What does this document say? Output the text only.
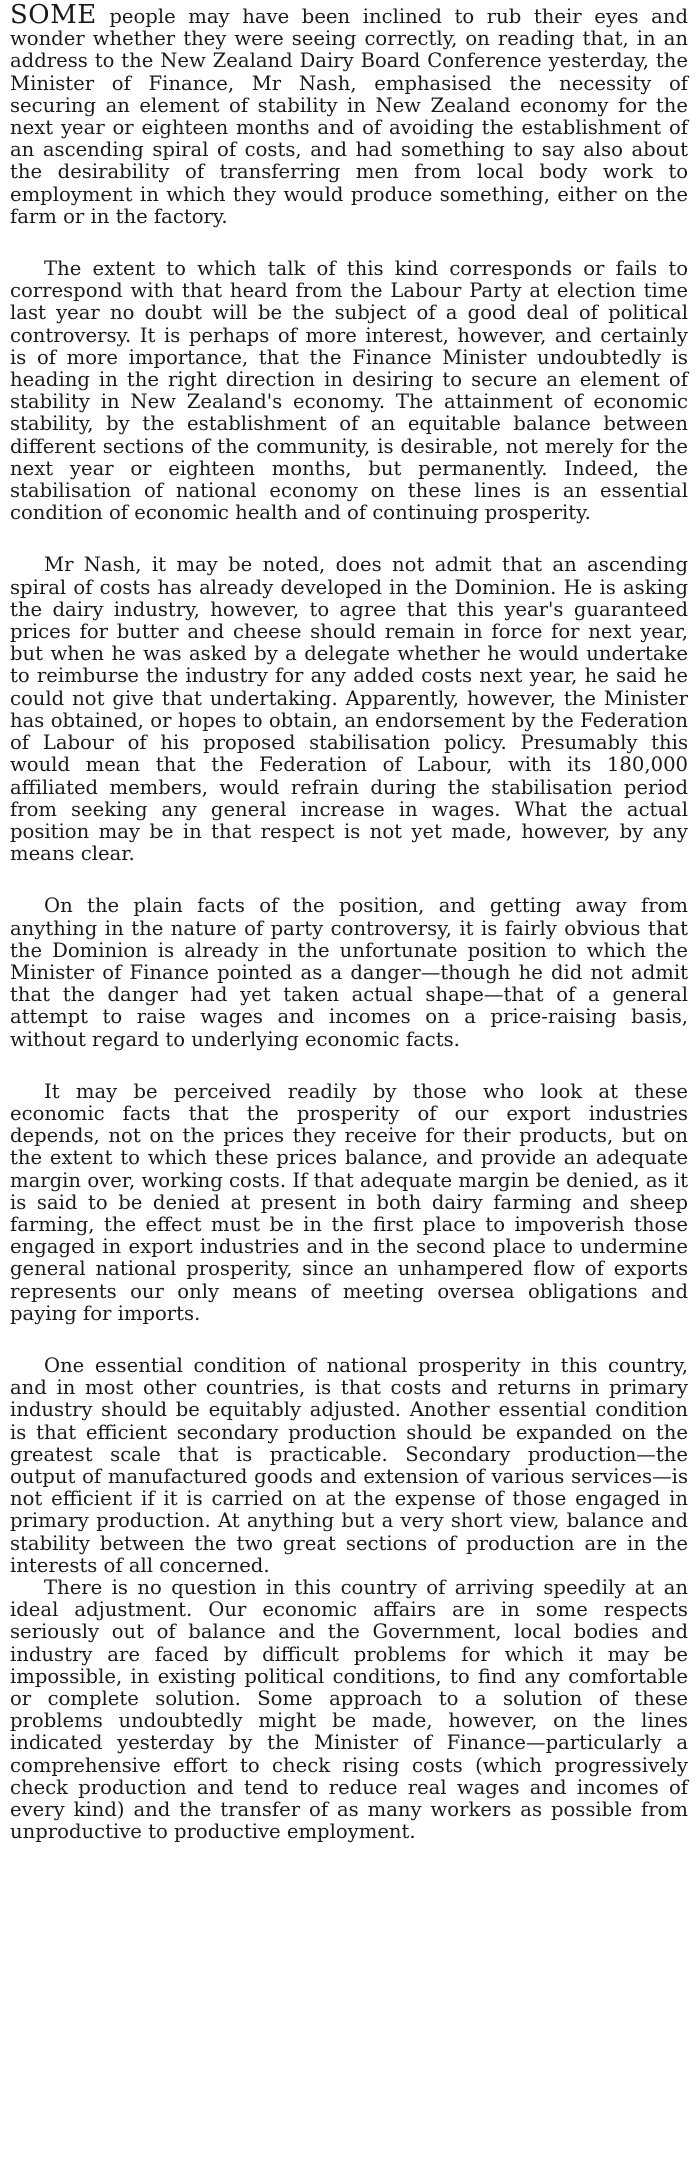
SOME people may have been inclined to rub their eyes and wonder whether they were seeing correctly, on reading that, in an address to the New Zealand Dairy Board Conference yesterday, the Minister of Finance, Mr Nash, emphasised the necessity of securing an element of stability in New Zealand economy for the next year or eighteen months and of avoiding the establishment of an ascending spiral of costs, and had something to say also about the desirability of transferring men from local body work to employment in which they would produce something, either on the farm or in the factory.

The extent to which talk of this kind corresponds or fails to correspond with that heard from the Labour Party at election time last year no doubt will be the subject of a good deal of political controversy. It is perhaps of more interest, however, and certainly is of more importance, that the Finance Minister undoubtedly is heading in the right direction in desiring to secure an element of stability in New Zealand's economy. The attainment of economic stability, by the establishment of an equitable balance between different sections of the community, is desirable, not merely for the next year or eighteen months, but permanently. Indeed, the stabilisation of national economy on these lines is an essential condition of economic health and of continuing prosperity.

Mr Nash, it may be noted, does not admit that an ascending spiral of costs has already developed in the Dominion. He is asking the dairy industry, however, to agree that this year's guaranteed prices for butter and cheese should remain in force for next year, but when he was asked by a delegate whether he would undertake to reimburse the industry for any added costs next year, he said he could not give that undertaking. Apparently, however, the Minister has obtained, or hopes to obtain, an endorsement by the Federation of Labour of his proposed stabilisation policy. Presumably this would mean that the Federation of Labour, with its 180,000 affiliated members, would refrain during the stabilisation period from seeking any general increase in wages. What the actual position may be in that respect is not yet made, however, by any means clear.

On the plain facts of the position, and getting away from anything in the nature of party controversy, it is fairly obvious that the Dominion is already in the unfortunate position to which the Minister of Finance pointed as a danger—though he did not admit that the danger had yet taken actual shape—that of a general attempt to raise wages and incomes on a price-raising basis, without regard to underlying economic facts.

It may be perceived readily by those who look at these economic facts that the prosperity of our export industries depends, not on the prices they receive for their products, but on the extent to which these prices balance, and provide an adequate margin over, working costs. If that adequate margin be denied, as it is said to be denied at present in both dairy farming and sheep farming, the effect must be in the first place to impoverish those engaged in export industries and in the second place to undermine general national prosperity, since an unhampered flow of exports represents our only means of meeting oversea obligations and paying for imports.

One essential condition of national prosperity in this country, and in most other countries, is that costs and returns in primary industry should be equitably adjusted. Another essential condition is that efficient secondary production should be expanded on the greatest scale that is practicable. Secondary production—the output of manufactured goods and extension of various services—is not efficient if it is carried on at the expense of those engaged in primary production. At anything but a very short view, balance and stability between the two great sections of production are in the interests of all concerned.

There is no question in this country of arriving speedily at an ideal adjustment. Our economic affairs are in some respects seriously out of balance and the Government, local bodies and industry are faced by difficult problems for which it may be impossible, in existing political conditions, to find any comfortable or complete solution. Some approach to a solution of these problems undoubtedly might be made, however, on the lines indicated yesterday by the Minister of Finance—particularly a comprehensive effort to check rising costs (which progressively check production and tend to reduce real wages and incomes of every kind) and the transfer of as many workers as possible from unproductive to productive employment.
